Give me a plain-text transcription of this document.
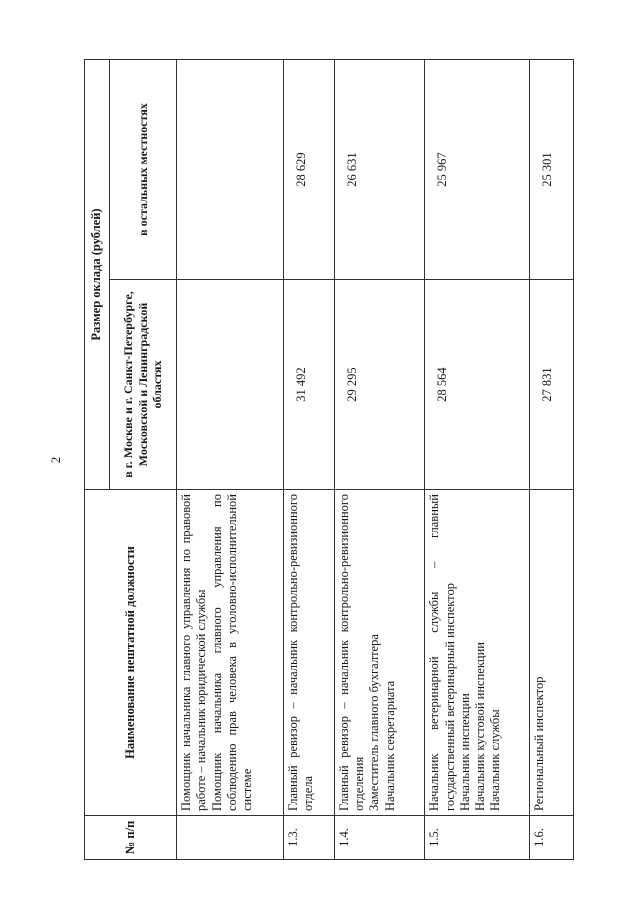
2
№ п/п	Наименование нештатной должности	Размер оклада (рублей)	
		в г. Москве и г. Санкт-Петербурге, Московской и Ленинградской областях	в остальных местностях

	Помощник начальника главного управления по правовой работе – начальник юридической службы Помощник начальника главного управления по соблюдению прав человека в уголовно-исполнительной системе		

1.3.	Главный ревизор – начальник контрольно-ревизионного отдела	31 492	28 629
1.4.	Главный ревизор – начальник контрольно-ревизионного отделения Заместитель главного бухгалтера Начальник секретариата	29 295	26 631
1.5.	Начальник ветеринарной службы – главный государственный ветеринарный инспектор Начальник инспекции Начальник кустовой инспекции Начальник службы	28 564	25 967
1.6.	Региональный инспектор	27 831	25 301
